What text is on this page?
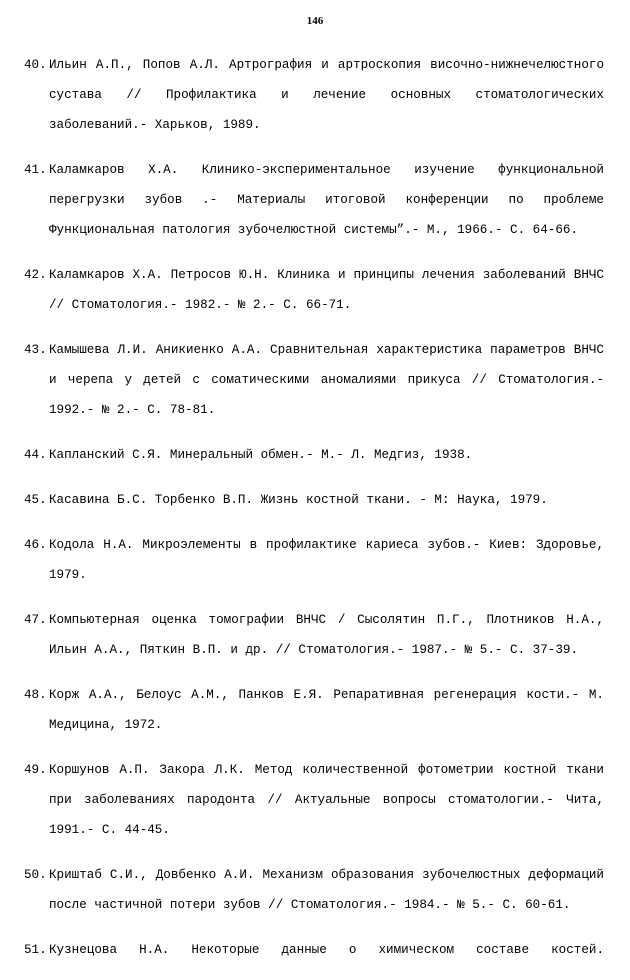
146
40. Ильин А.П., Попов А.Л. Артрография и артроскопия височно-нижнечелюстного сустава // Профилактика и лечение основных стоматологических заболеваний.- Харьков, 1989.
41. Каламкаров Х.А. Клинико-экспериментальное изучение функциональной перегрузки зубов .- Материалы итоговой конференции по проблеме Функциональная патология зубочелюстной системы”.- М., 1966.- С. 64-66.
42. Каламкаров Х.А. Петросов Ю.Н. Клиника и принципы лечения заболеваний ВНЧС // Стоматология.- 1982.- № 2.- С. 66-71.
43. Камышева Л.И. Аникиенко А.А. Сравнительная характеристика параметров ВНЧС и черепа у детей с соматическими аномалиями прикуса // Стоматология.- 1992.- № 2.- С. 78-81.
44. Капланский С.Я. Минеральный обмен.- М.- Л. Медгиз, 1938.
45. Касавина Б.С. Торбенко В.П. Жизнь костной ткани. - М: Наука, 1979.
46. Кодола Н.А. Микроэлементы в профилактике кариеса зубов.- Киев: Здоровье, 1979.
47. Компьютерная оценка томографии ВНЧС / Сысолятин П.Г., Плотников Н.А., Ильин А.А., Пяткин В.П. и др. // Стоматология.- 1987.- № 5.- С. 37-39.
48. Корж А.А., Белоус А.М., Панков Е.Я. Репаративная регенерация кости.- М. Медицина, 1972.
49. Коршунов А.П. Закора Л.К. Метод количественной фотометрии костной ткани при заболеваниях пародонта // Актуальные вопросы стоматологии.- Чита, 1991.- С. 44-45.
50. Криштаб С.И., Довбенко А.И. Механизм образования зубочелюстных деформаций после частичной потери зубов // Стоматология.- 1984.- № 5.- С. 60-61.
51. Кузнецова Н.А. Некоторые данные о химическом составе костей.
